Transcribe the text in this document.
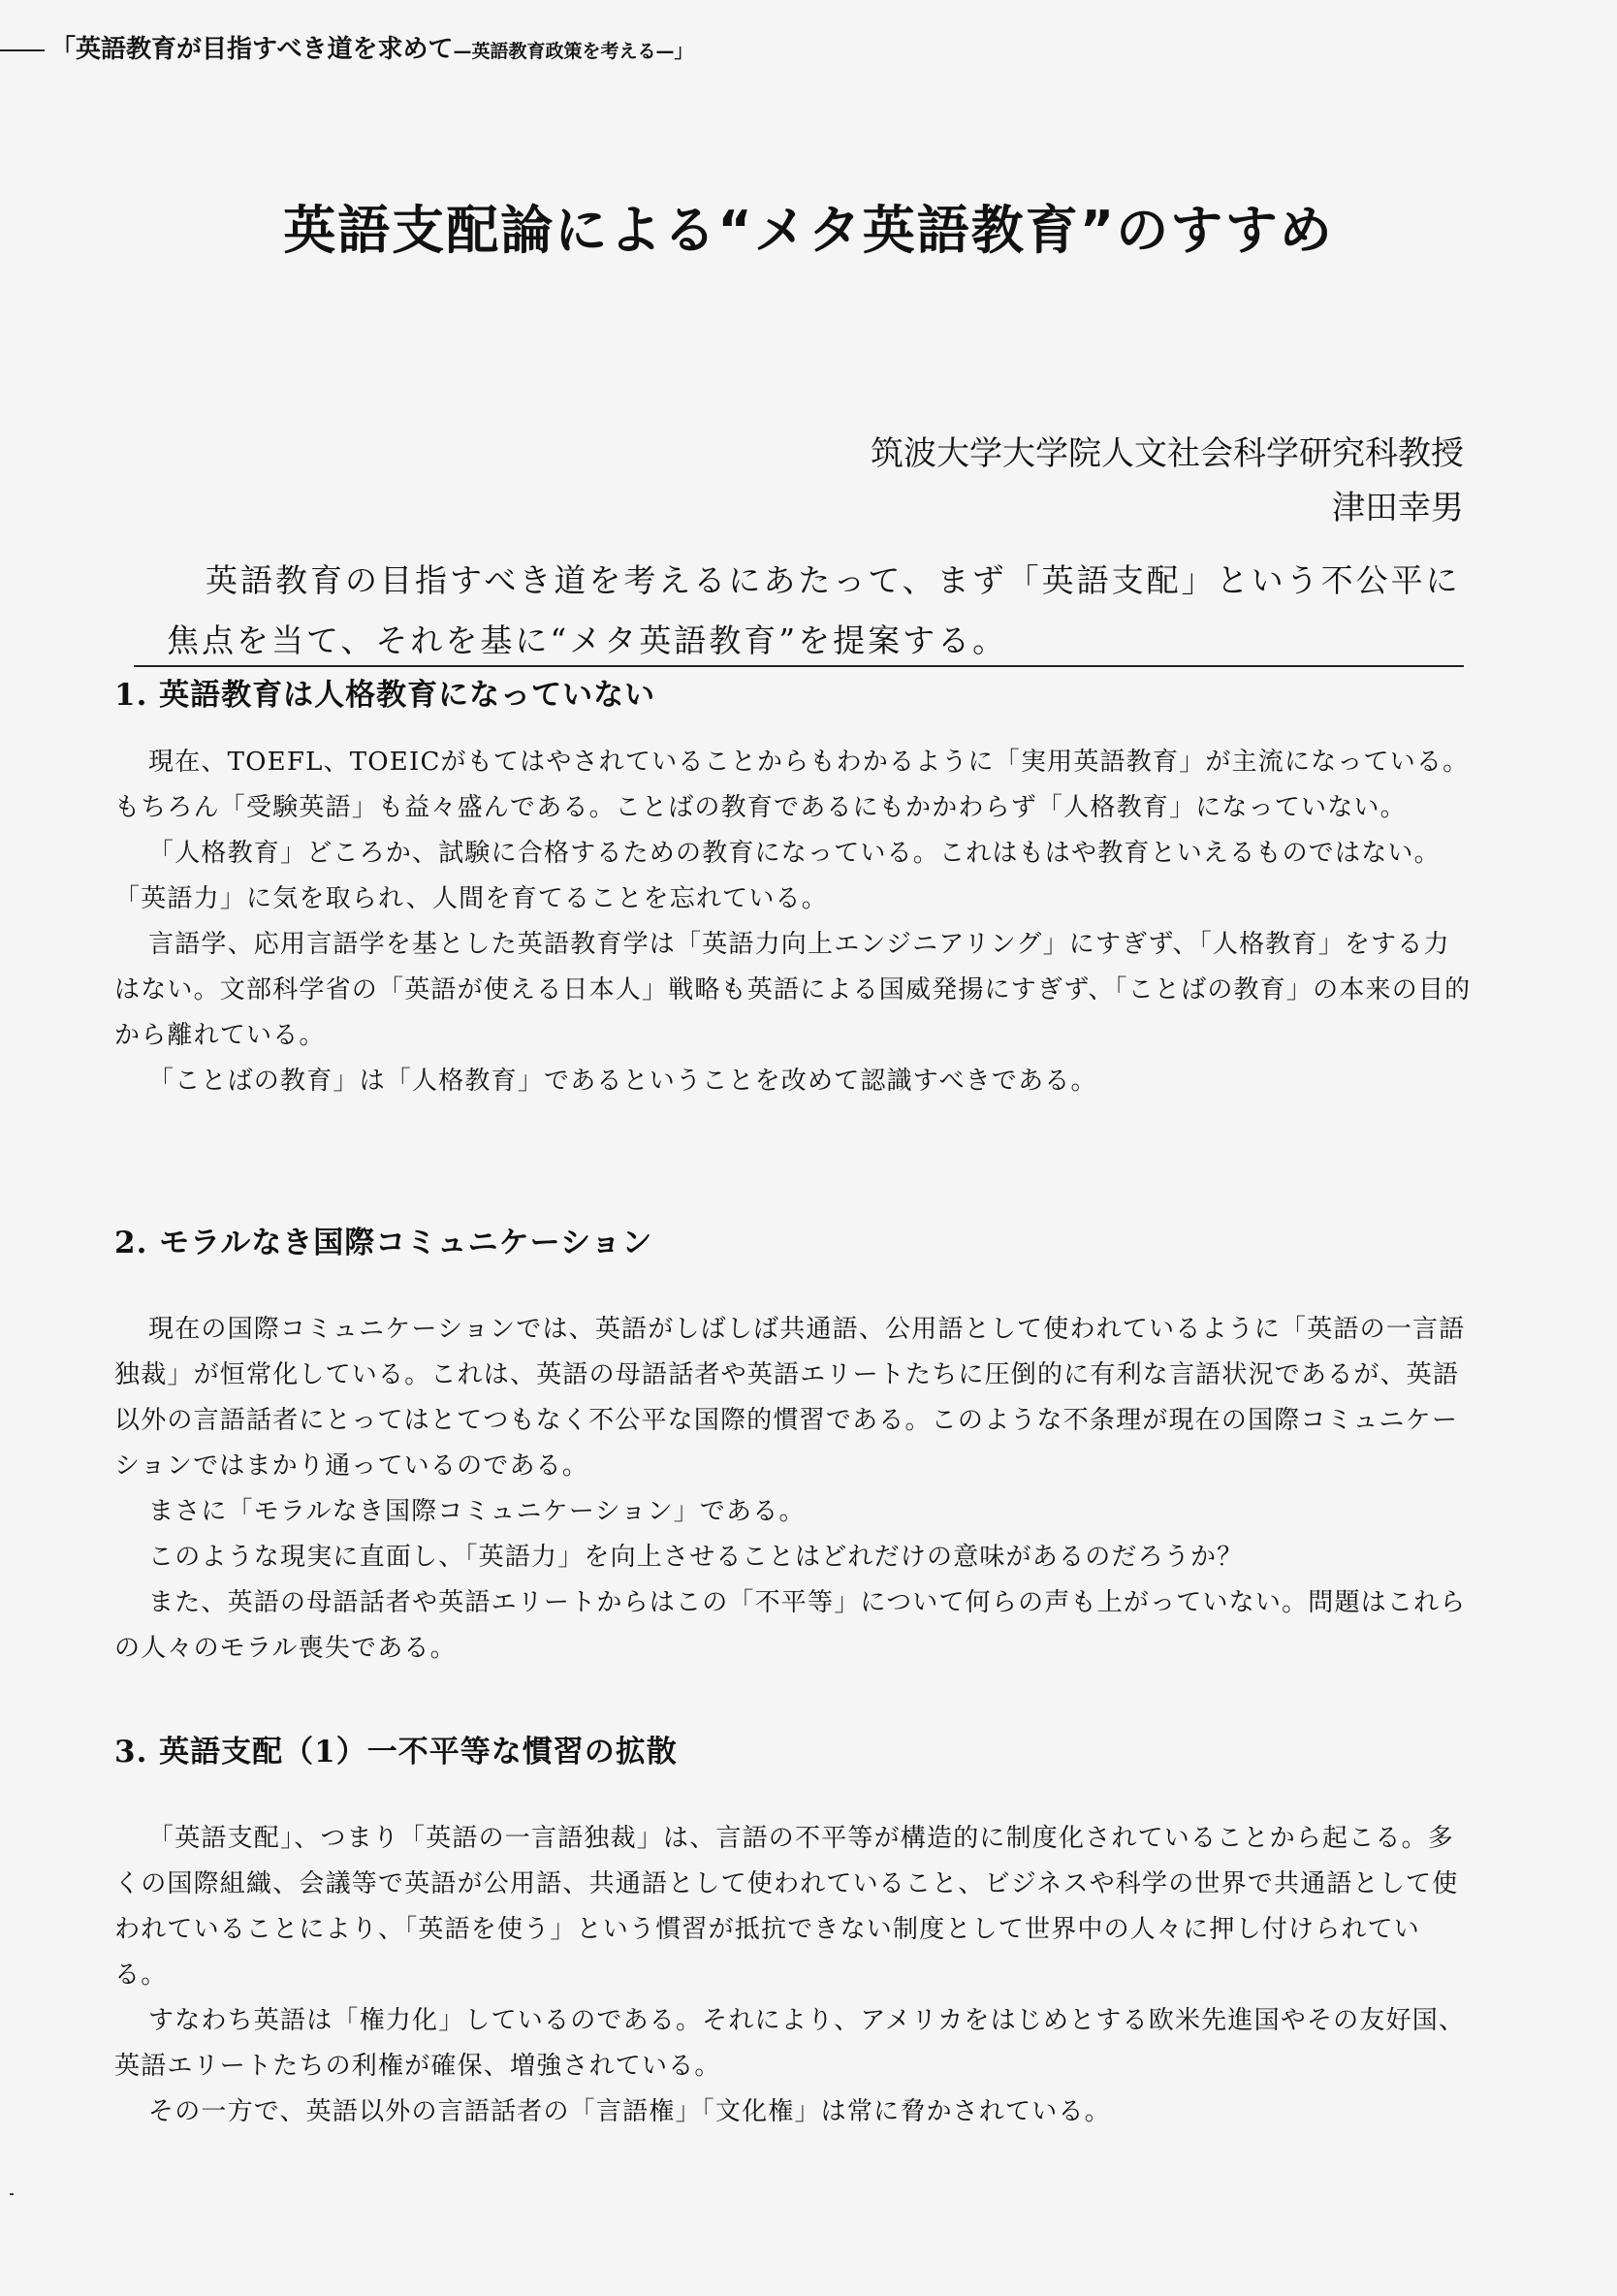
「英語教育が目指すべき道を求めて—英語教育政策を考える—」
英語支配論による“メタ英語教育”のすすめ
筑波大学大学院人文社会科学研究科教授
津田幸男

英語教育の目指すべき道を考えるにあたって、まず「英語支配」という不公平に

焦点を当て、それを基に“メタ英語教育”を提案する。

1. 英語教育は人格教育になっていない

現在、TOEFL、TOEICがもてはやされていることからもわかるように「実用英語教育」が主流になっている。もちろん「受験英語」も益々盛んである。ことばの教育であるにもかかわらず「人格教育」になっていない。

「人格教育」どころか、試験に合格するための教育になっている。これはもはや教育といえるものではない。「英語力」に気を取られ、人間を育てることを忘れている。

言語学、応用言語学を基とした英語教育学は「英語力向上エンジニアリング」にすぎず、「人格教育」をする力はない。文部科学省の「英語が使える日本人」戦略も英語による国威発揚にすぎず、「ことばの教育」の本来の目的から離れている。

「ことばの教育」は「人格教育」であるということを改めて認識すべきである。

2. モラルなき国際コミュニケーション

現在の国際コミュニケーションでは、英語がしばしば共通語、公用語として使われているように「英語の一言語独裁」が恒常化している。これは、英語の母語話者や英語エリートたちに圧倒的に有利な言語状況であるが、英語以外の言語話者にとってはとてつもなく不公平な国際的慣習である。このような不条理が現在の国際コミュニケーションではまかり通っているのである。

まさに「モラルなき国際コミュニケーション」である。

このような現実に直面し、「英語力」を向上させることはどれだけの意味があるのだろうか？

また、英語の母語話者や英語エリートからはこの「不平等」について何らの声も上がっていない。問題はこれらの人々のモラル喪失である。

3. 英語支配（1）一不平等な慣習の拡散

「英語支配」、つまり「英語の一言語独裁」は、言語の不平等が構造的に制度化されていることから起こる。多くの国際組織、会議等で英語が公用語、共通語として使われていること、ビジネスや科学の世界で共通語として使われていることにより、「英語を使う」という慣習が抵抗できない制度として世界中の人々に押し付けられている。

すなわち英語は「権力化」しているのである。それにより、アメリカをはじめとする欧米先進国やその友好国、英語エリートたちの利権が確保、増強されている。

その一方で、英語以外の言語話者の「言語権」「文化権」は常に脅かされている。
